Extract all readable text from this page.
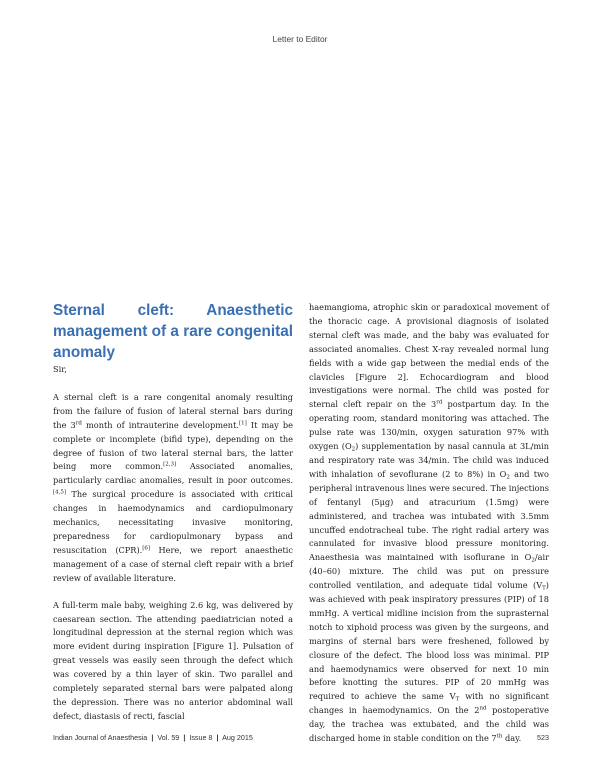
Letter to Editor
Sternal cleft: Anaesthetic management of a rare congenital anomaly

Sir,

A sternal cleft is a rare congenital anomaly resulting from the failure of fusion of lateral sternal bars during the 3rd month of intrauterine development.[1] It may be complete or incomplete (bifid type), depending on the degree of fusion of two lateral sternal bars, the latter being more common.[2,3] Associated anomalies, particularly cardiac anomalies, result in poor outcomes.[4,5] The surgical procedure is associated with critical changes in haemodynamics and cardiopulmonary mechanics, necessitating invasive monitoring, preparedness for cardiopulmonary bypass and resuscitation (CPR).[6] Here, we report anaesthetic management of a case of sternal cleft repair with a brief review of available literature.

A full-term male baby, weighing 2.6 kg, was delivered by caesarean section. The attending paediatrician noted a longitudinal depression at the sternal region which was more evident during inspiration [Figure 1]. Pulsation of great vessels was easily seen through the defect which was covered by a thin layer of skin. Two parallel and completely separated sternal bars were palpated along the depression. There was no anterior abdominal wall defect, diastasis of recti, fascial

haemangioma, atrophic skin or paradoxical movement of the thoracic cage. A provisional diagnosis of isolated sternal cleft was made, and the baby was evaluated for associated anomalies. Chest X-ray revealed normal lung fields with a wide gap between the medial ends of the clavicles [Figure 2]. Echocardiogram and blood investigations were normal. The child was posted for sternal cleft repair on the 3rd postpartum day. In the operating room, standard monitoring was attached. The pulse rate was 130/min, oxygen saturation 97% with oxygen $(O_2)$ supplementation by nasal cannula at 3L/min and respiratory rate was 34/min. The child was induced with inhalation of sevoflurane (2 to 8%) in $O_2$ and two peripheral intravenous lines were secured. The injections of fentanyl (5μg) and atracurium (1.5mg) were administered, and trachea was intubated with 3.5mm uncuffed endotracheal tube. The right radial artery was cannulated for invasive blood pressure monitoring. Anaesthesia was maintained with isoflurane in $O_2$/air (40–60) mixture. The child was put on pressure controlled ventilation, and adequate tidal volume $(V_T)$ was achieved with peak inspiratory pressures (PIP) of 18 mmHg. A vertical midline incision from the suprasternal notch to xiphoid process was given by the surgeons, and margins of sternal bars were freshened, followed by closure of the defect. The blood loss was minimal. PIP and haemodynamics were observed for next 10 min before knotting the sutures. PIP of 20 mmHg was required to achieve the same $V_T$ with no significant changes in haemodynamics. On the 2nd postoperative day, the trachea was extubated, and the child was discharged home in stable condition on the 7th day.

Indian Journal of Anaesthesia | Vol. 59 | Issue 8 | Aug 2015	523
